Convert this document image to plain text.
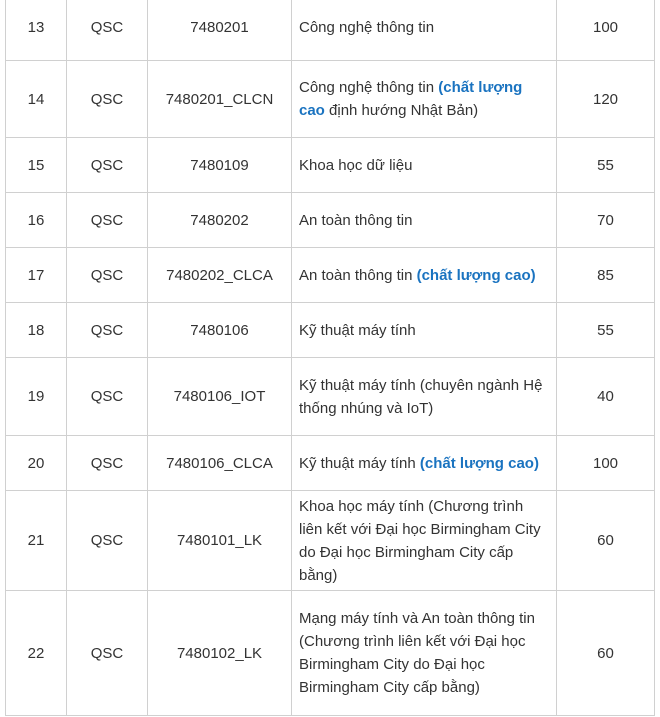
13	QSC	7480201	Công nghệ thông tin	100
14	QSC	7480201_CLCN	Công nghệ thông tin (chất lượng cao định hướng Nhật Bản)	120
15	QSC	7480109	Khoa học dữ liệu	55
16	QSC	7480202	An toàn thông tin	70
17	QSC	7480202_CLCA	An toàn thông tin (chất lượng cao)	85
18	QSC	7480106	Kỹ thuật máy tính	55
19	QSC	7480106_IOT	Kỹ thuật máy tính (chuyên ngành Hệ thống nhúng và IoT)	40
20	QSC	7480106_CLCA	Kỹ thuật máy tính (chất lượng cao)	100
21	QSC	7480101_LK	Khoa học máy tính (Chương trình liên kết với Đại học Birmingham City do Đại học Birmingham City cấp bằng)	60
22	QSC	7480102_LK	Mạng máy tính và An toàn thông tin (Chương trình liên kết với Đại học Birmingham City do Đại học Birmingham City cấp bằng)	60
